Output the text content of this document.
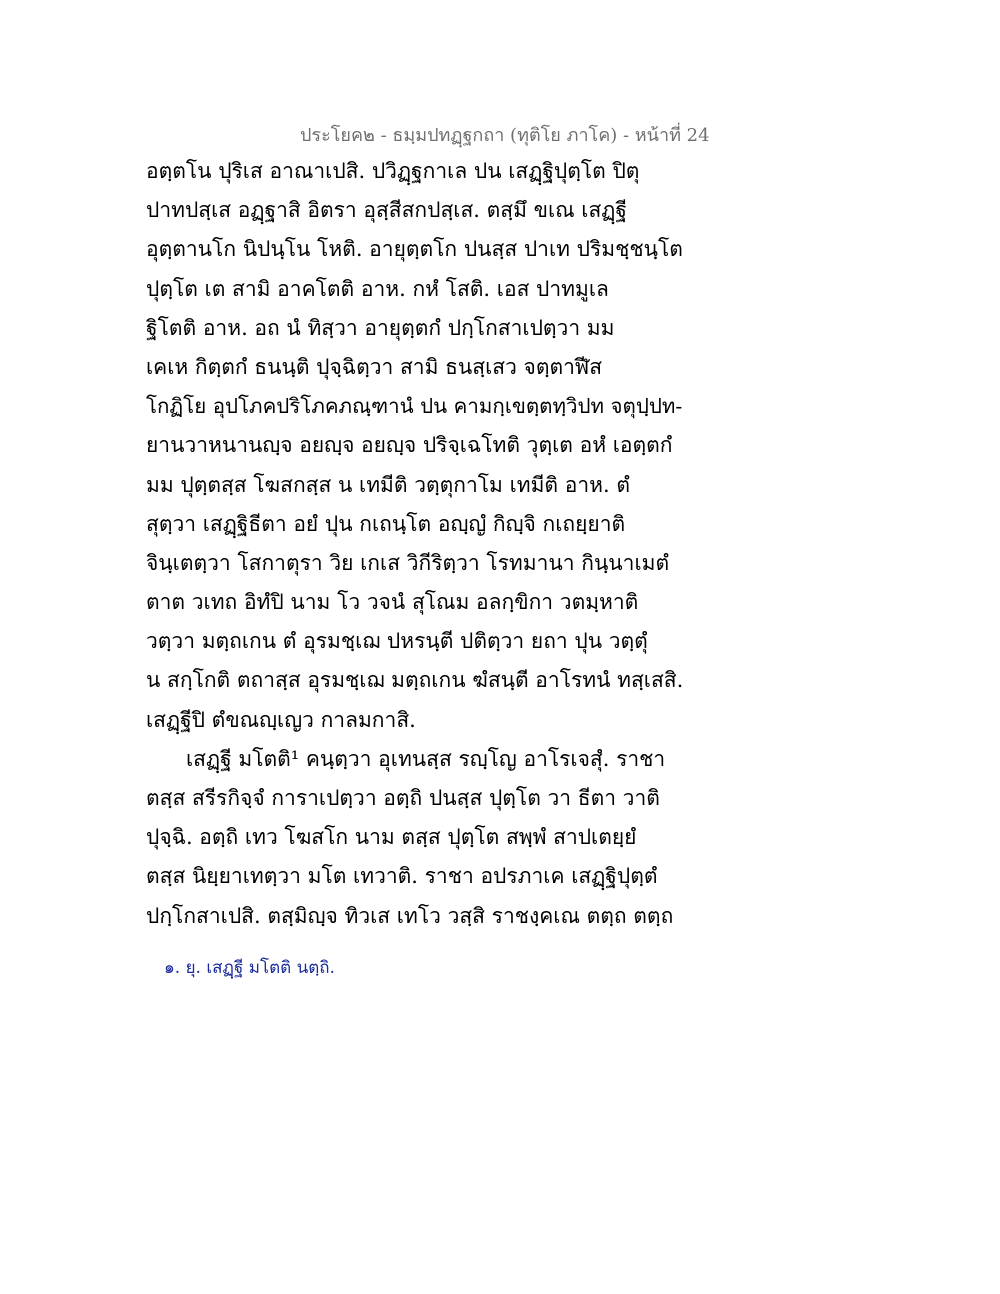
ประโยค๒ - ธมฺมปทฏฺฐกถา (ทุติโย ภาโค) - หน้าที่ 24
อตฺตโน ปุริเส อาณาเปสิ. ปวิฏฺฐกาเล ปน เสฏฺฐิปุตฺโต ปิตุ
ปาทปสฺเส อฏฺฐาสิ อิตรา อุสฺสีสกปสฺเส. ตสฺมึ ขเณ เสฏฺฐี
อุตฺตานโก นิปนฺโน โหติ. อายุตฺตโก ปนสฺส ปาเท ปริมชฺชนฺโต
ปุตฺโต เต สามิ อาคโตติ อาห. กหํ โสติ. เอส ปาทมูเล
ฐิโตติ อาห. อถ นํ ทิสฺวา อายุตฺตกํ ปกฺโกสาเปตฺวา มม
เคเห กิตฺตกํ ธนนฺติ ปุจฺฉิตฺวา สามิ ธนสฺเสว จตฺตาฬีส
โกฏิโย อุปโภคปริโภคภณฺฑานํ ปน คามกฺเขตฺตทฺวิปท จตุปฺปท-
ยานวาหนานญฺจ อยญฺจ อยญฺจ ปริจฺเฉโทติ วุตฺเต อหํ เอตฺตกํ
มม ปุตฺตสฺส โฆสกสฺส น เทมีติ วตฺตุกาโม เทมีติ อาห. ตํ
สุตฺวา เสฏฺฐิธีตา อยํ ปุน กเถนฺโต อญฺญํ กิญฺจิ กเถยฺยาติ
จินฺเตตฺวา โสกาตุรา วิย เกเส วิกีริตฺวา โรทมานา กินฺนาเมตํ
ตาต วเทถ อิทํปิ นาม โว วจนํ สุโณม อลกฺขิกา วตมฺหาติ
วตฺวา มตฺถเกน ตํ อุรมชฺเฌ ปหรนฺตี ปติตฺวา ยถา ปุน วตฺตุํ
น สกฺโกติ ตถาสฺส อุรมชฺเฌ มตฺถเกน ฆํสนฺตี อาโรทนํ ทสฺเสสิ.
เสฏฺฐีปิ ตํขณญฺเญว กาลมกาสิ.
เสฏฺฐี มโตติ¹ คนฺตฺวา อุเทนสฺส รญฺโญ อาโรเจสุํ. ราชา
ตสฺส สรีรกิจฺจํ การาเปตฺวา อตฺถิ ปนสฺส ปุตฺโต วา ธีตา วาติ
ปุจฺฉิ. อตฺถิ เทว โฆสโก นาม ตสฺส ปุตฺโต สพฺพํ สาปเตยฺยํ
ตสฺส นิยฺยาเทตฺวา มโต เทวาติ. ราชา อปรภาเค เสฏฺฐิปุตฺตํ
ปกฺโกสาเปสิ. ตสฺมิญฺจ ทิวเส เทโว วสฺสิ ราชงฺคเณ ตตฺถ ตตฺถ
๑. ยุ. เสฏฺฐี มโตติ นตฺถิ.
